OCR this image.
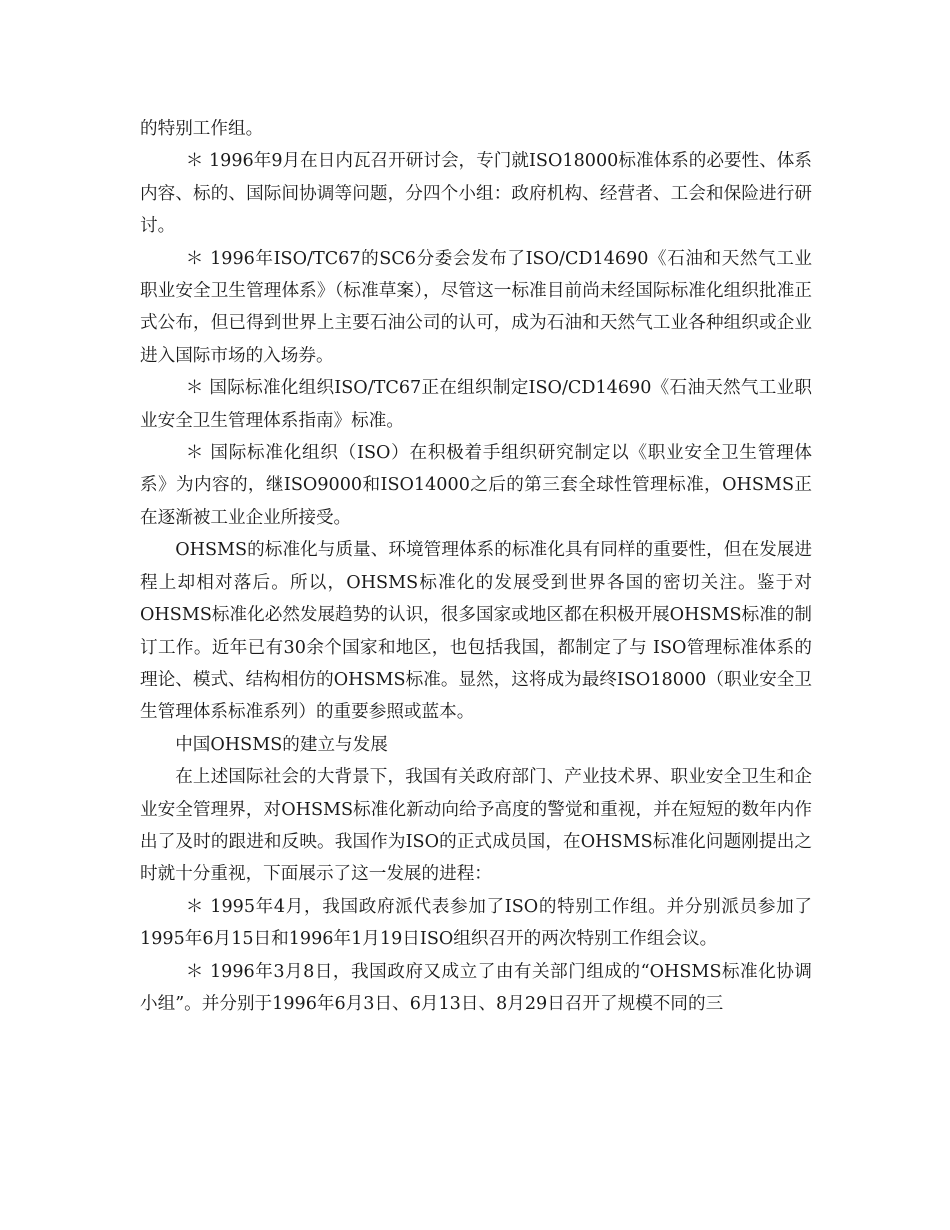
的特别工作组。

＊ 1996年9月在日内瓦召开研讨会，专门就ISO18000标准体系的必要性、体系内容、标的、国际间协调等问题，分四个小组：政府机构、经营者、工会和保险进行研讨。

＊ 1996年ISO/TC67的SC6分委会发布了ISO/CD14690《石油和天然气工业职业安全卫生管理体系》（标准草案），尽管这一标准目前尚未经国际标准化组织批准正式公布，但已得到世界上主要石油公司的认可，成为石油和天然气工业各种组织或企业进入国际市场的入场券。

＊ 国际标准化组织ISO/TC67正在组织制定ISO/CD14690《石油天然气工业职业安全卫生管理体系指南》标准。

＊ 国际标准化组织（ISO）在积极着手组织研究制定以《职业安全卫生管理体系》为内容的，继ISO9000和ISO14000之后的第三套全球性管理标准，OHSMS正在逐渐被工业企业所接受。

OHSMS的标准化与质量、环境管理体系的标准化具有同样的重要性，但在发展进程上却相对落后。所以，OHSMS标准化的发展受到世界各国的密切关注。鉴于对OHSMS标准化必然发展趋势的认识，很多国家或地区都在积极开展OHSMS标准的制订工作。近年已有30余个国家和地区，也包括我国，都制定了与 ISO管理标准体系的理论、模式、结构相仿的OHSMS标准。显然，这将成为最终ISO18000（职业安全卫生管理体系标准系列）的重要参照或蓝本。

中国OHSMS的建立与发展

在上述国际社会的大背景下，我国有关政府部门、产业技术界、职业安全卫生和企业安全管理界，对OHSMS标准化新动向给予高度的警觉和重视，并在短短的数年内作出了及时的跟进和反映。我国作为ISO的正式成员国，在OHSMS标准化问题刚提出之时就十分重视，下面展示了这一发展的进程：

＊ 1995年4月，我国政府派代表参加了ISO的特别工作组。并分别派员参加了1995年6月15日和1996年1月19日ISO组织召开的两次特别工作组会议。

＊ 1996年3月8日，我国政府又成立了由有关部门组成的“OHSMS标准化协调小组”。并分别于1996年6月3日、6月13日、8月29日召开了规模不同的三
